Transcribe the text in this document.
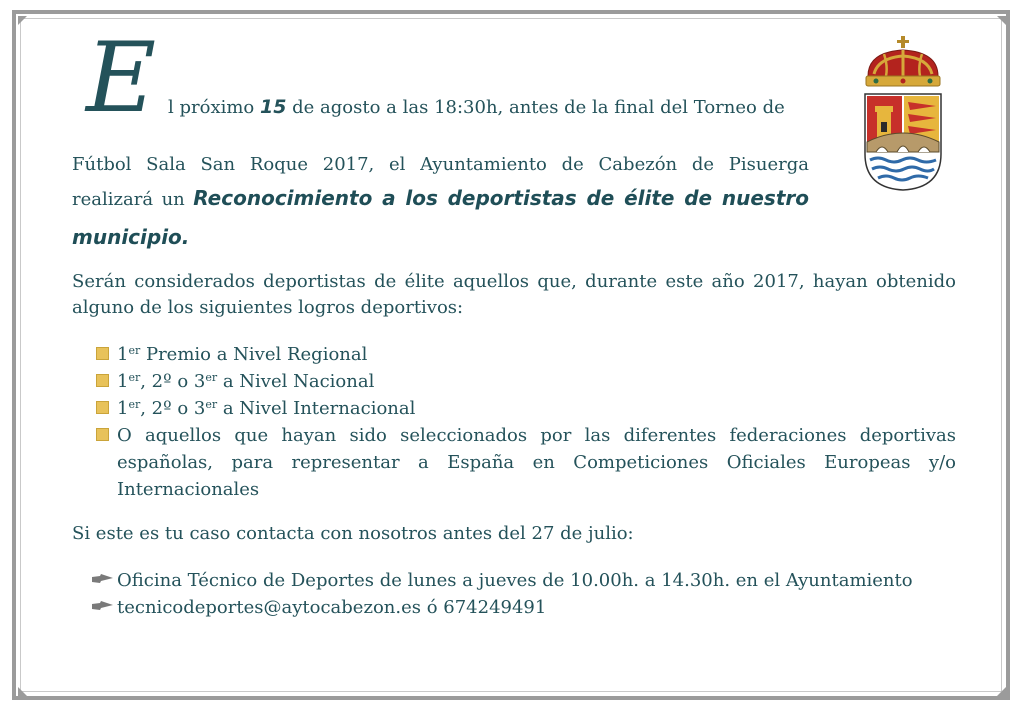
E l próximo 15 de agosto a las 18:30h, antes de la final del Torneo de
Fútbol Sala San Roque 2017, el Ayuntamiento de Cabezón de Pisuerga
realizará un Reconocimiento a los deportistas de élite de nuestro
municipio.
Serán considerados deportistas de élite aquellos que, durante este año 2017, hayan obtenido
alguno de los siguientes logros deportivos:
1er Premio a Nivel Regional
1er, 2º o 3er a Nivel Nacional
1er, 2º o 3er a Nivel Internacional
O aquellos que hayan sido seleccionados por las diferentes federaciones deportivas
españolas, para representar a España en Competiciones Oficiales Europeas y/o
Internacionales
Si este es tu caso contacta con nosotros antes del 27 de julio:
Oficina Técnico de Deportes de lunes a jueves de 10.00h. a 14.30h. en el Ayuntamiento
tecnicodeportes@aytocabezon.es ó 674249491
